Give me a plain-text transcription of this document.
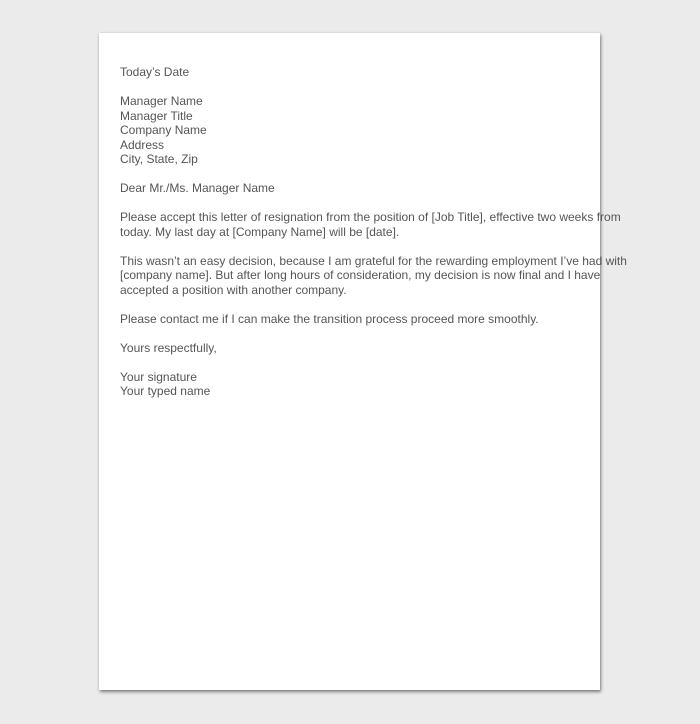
Today’s Date
Manager Name
Manager Title
Company Name
Address
City, State, Zip
Dear Mr./Ms. Manager Name
Please accept this letter of resignation from the position of [Job Title], effective two weeks from
today. My last day at [Company Name] will be [date].
This wasn’t an easy decision, because I am grateful for the rewarding employment I’ve had with
[company name]. But after long hours of consideration, my decision is now final and I have
accepted a position with another company.
Please contact me if I can make the transition process proceed more smoothly.
Yours respectfully,
Your signature
Your typed name
